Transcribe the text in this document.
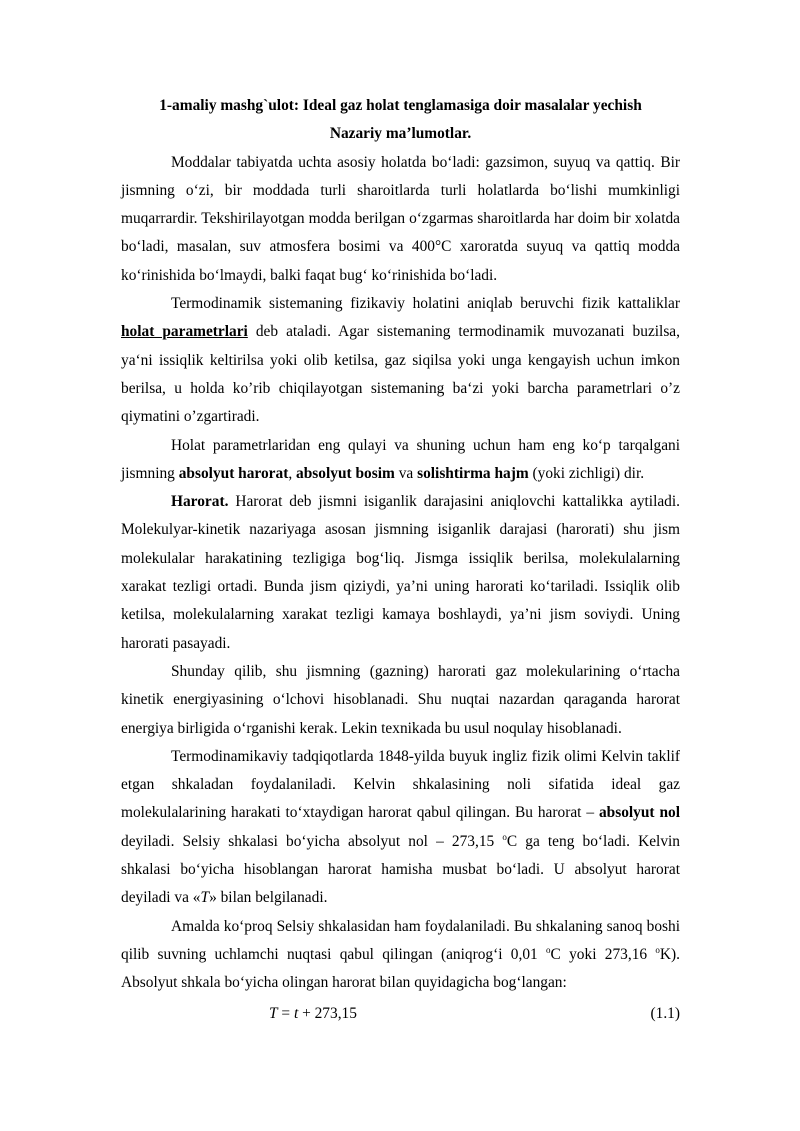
1-amaliy mashg`ulot: Ideal gaz holat tenglamasiga doir masalalar yechish

Nazariy ma’lumotlar.

Moddalar tabiyatda uchta asosiy holatda bo‘ladi: gazsimon, suyuq va qattiq. Bir jismning o‘zi, bir moddada turli sharoitlarda turli holatlarda bo‘lishi mumkinligi muqarrardir. Tekshirilayotgan modda berilgan o‘zgarmas sharoitlarda har doim bir xolatda bo‘ladi, masalan, suv atmosfera bosimi va 400°C xaroratda suyuq va qattiq modda ko‘rinishida bo‘lmaydi, balki faqat bug‘ ko‘rinishida bo‘ladi.

Termodinamik sistemaning fizikaviy holatini aniqlab beruvchi fizik kattaliklar holat parametrlari deb ataladi. Agar sistemaning termodinamik muvozanati buzilsa, ya‘ni issiqlik keltirilsa yoki olib ketilsa, gaz siqilsa yoki unga kengayish uchun imkon berilsa, u holda ko’rib chiqilayotgan sistemaning ba‘zi yoki barcha parametrlari o’z qiymatini o’zgartiradi.

Holat parametrlaridan eng qulayi va shuning uchun ham eng ko‘p tarqalgani jismning absolyut harorat, absolyut bosim va solishtirma hajm (yoki zichligi) dir.

Harorat. Harorat deb jismni isiganlik darajasini aniqlovchi kattalikka aytiladi. Molekulyar-kinetik nazariyaga asosan jismning isiganlik darajasi (harorati) shu jism molekulalar harakatining tezligiga bog‘liq. Jismga issiqlik berilsa, molekulalarning xarakat tezligi ortadi. Bunda jism qiziydi, ya’ni uning harorati ko‘tariladi. Issiqlik olib ketilsa, molekulalarning xarakat tezligi kamaya boshlaydi, ya’ni jism soviydi. Uning harorati pasayadi.

Shunday qilib, shu jismning (gazning) harorati gaz molekularining o‘rtacha kinetik energiyasining o‘lchovi hisoblanadi. Shu nuqtai nazardan qaraganda harorat energiya birligida o‘rganishi kerak. Lekin texnikada bu usul noqulay hisoblanadi.

Termodinamikaviy tadqiqotlarda 1848-yilda buyuk ingliz fizik olimi Kelvin taklif etgan shkaladan foydalaniladi. Kelvin shkalasining noli sifatida ideal gaz molekulalarining harakati to‘xtaydigan harorat qabul qilingan. Bu harorat – absolyut nol deyiladi. Selsiy shkalasi bo‘yicha absolyut nol – 273,15 $^o$C ga teng bo‘ladi. Kelvin shkalasi bo‘yicha hisoblangan harorat hamisha musbat bo‘ladi. U absolyut harorat deyiladi va «T» bilan belgilanadi.

Amalda ko‘proq Selsiy shkalasidan ham foydalaniladi. Bu shkalaning sanoq boshi qilib suvning uchlamchi nuqtasi qabul qilingan (aniqrog‘i 0,01 $^o$C yoki 273,16 $^o$K). Absolyut shkala bo‘yicha olingan harorat bilan quyidagicha bog‘langan:

T = t + 273,15	(1.1)
